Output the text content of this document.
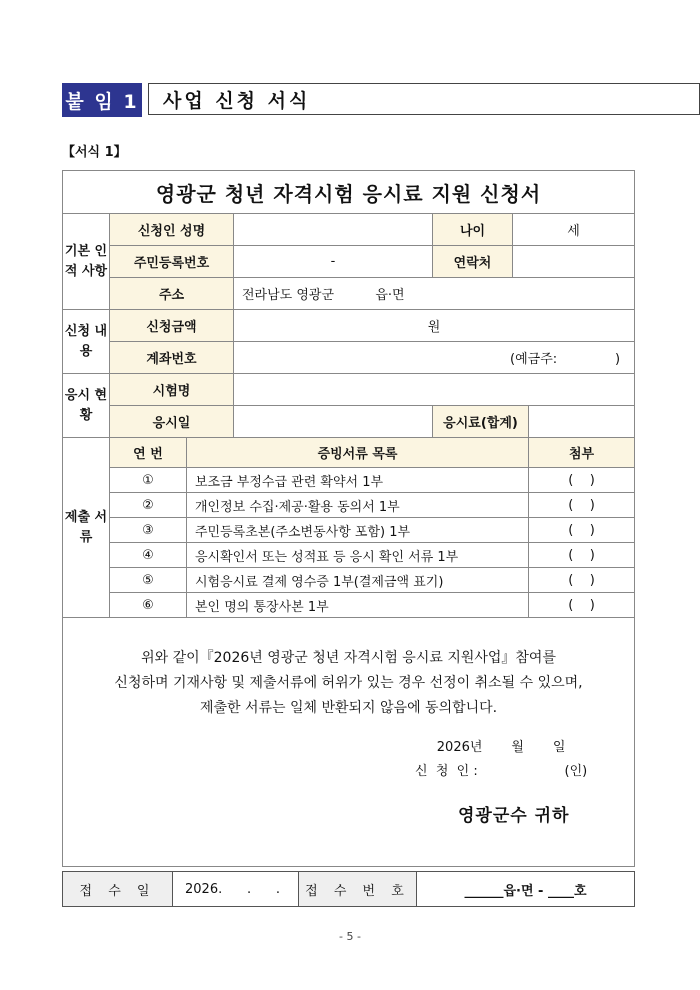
붙 임 1	사업 신청 서식
【서식 1】
영광군 청년 자격시험 응시료 지원 신청서						
기본 인적 사항	신청인 성명			나이	세	
	주민등록번호		-	연락처		
	주소		전라남도 영광군          읍·면			
신청 내용	신청금액		원			
	계좌번호		(예금주:              )			
응시 현황	시험명					
	응시일			응시료(합계)		
제출 서류	연 번	증빙서류 목록				첨부
	①	보조금 부정수급 관련 확약서 1부				(    )
	②	개인정보 수집·제공·활용 동의서 1부				(    )
	③	주민등록초본(주소변동사항 포함) 1부				(    )
	④	응시확인서 또는 성적표 등 응시 확인 서류 1부				(    )
	⑤	시험응시료 결제 영수증 1부(결제금액 표기)				(    )
	⑥	본인 명의 통장사본 1부				(    )

위와 같이『2026년 영광군 청년 자격시험 응시료 지원사업』참여를
신청하며 기재사항 및 제출서류에 허위가 있는 경우 선정이 취소될 수 있으며,
제출한 서류는 일체 반환되지 않음에 동의합니다.
2026년       월       일
신  청  인 :                     (인)
영광군수 귀하
접 수 일	2026.      .      .	접 수 번 호	______읍·면 - ____호
- 5 -
